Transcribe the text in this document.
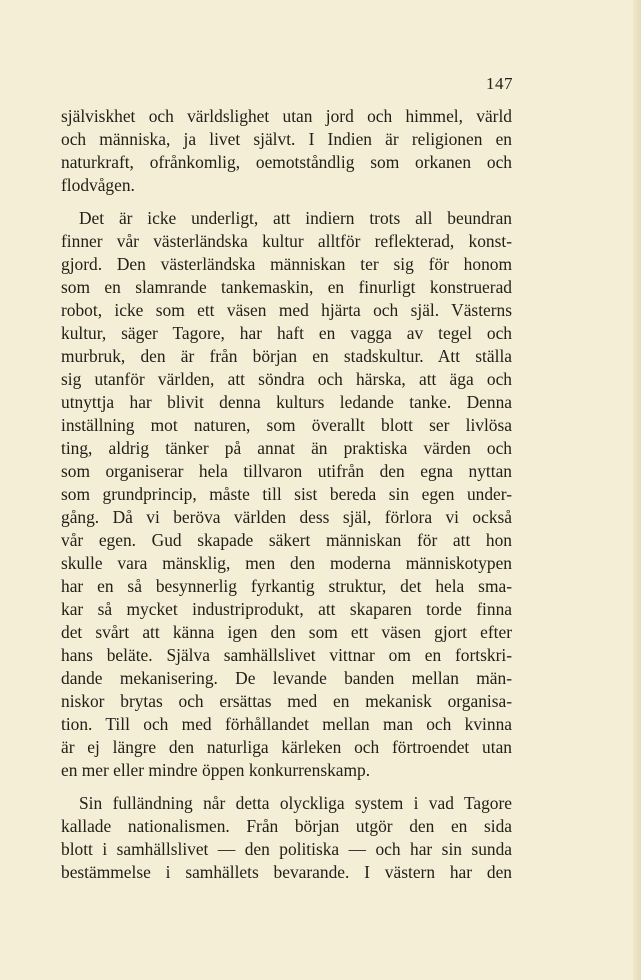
147
själviskhet och världslighet utan jord och himmel, värld
och människa, ja livet självt. I Indien är religionen en
naturkraft, ofrånkomlig, oemotståndlig som orkanen och
flodvågen.
Det är icke underligt, att indiern trots all beundran
finner vår västerländska kultur alltför reflekterad, konst-
gjord. Den västerländska människan ter sig för honom
som en slamrande tankemaskin, en finurligt konstruerad
robot, icke som ett väsen med hjärta och själ. Västerns
kultur, säger Tagore, har haft en vagga av tegel och
murbruk, den är från början en stadskultur. Att ställa
sig utanför världen, att söndra och härska, att äga och
utnyttja har blivit denna kulturs ledande tanke. Denna
inställning mot naturen, som överallt blott ser livlösa
ting, aldrig tänker på annat än praktiska värden och
som organiserar hela tillvaron utifrån den egna nyttan
som grundprincip, måste till sist bereda sin egen under-
gång. Då vi beröva världen dess själ, förlora vi också
vår egen. Gud skapade säkert människan för att hon
skulle vara mänsklig, men den moderna människotypen
har en så besynnerlig fyrkantig struktur, det hela sma-
kar så mycket industriprodukt, att skaparen torde finna
det svårt att känna igen den som ett väsen gjort efter
hans beläte. Själva samhällslivet vittnar om en fortskri-
dande mekanisering. De levande banden mellan män-
niskor brytas och ersättas med en mekanisk organisa-
tion. Till och med förhållandet mellan man och kvinna
är ej längre den naturliga kärleken och förtroendet utan
en mer eller mindre öppen konkurrenskamp.
Sin fulländning når detta olyckliga system i vad Tagore
kallade nationalismen. Från början utgör den en sida
blott i samhällslivet — den politiska — och har sin sunda
bestämmelse i samhällets bevarande. I västern har den
